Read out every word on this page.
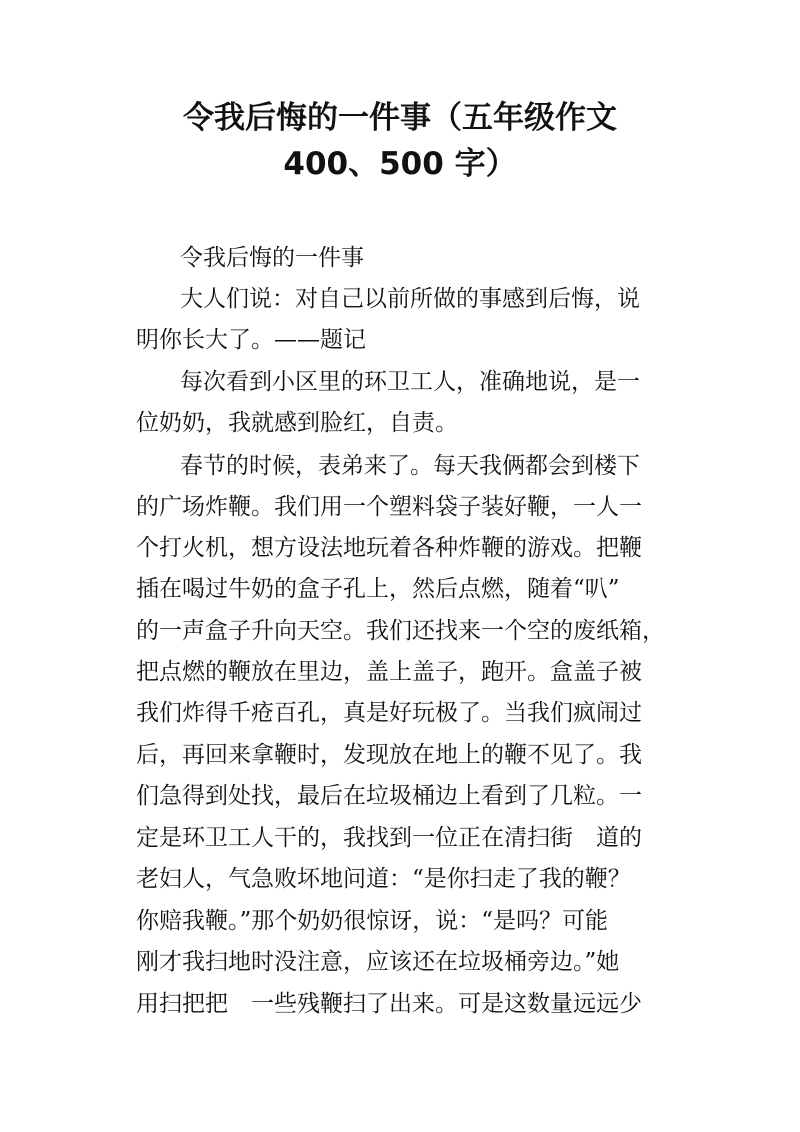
令我后悔的一件事（五年级作文
400、500 字）

令我后悔的一件事

大人们说：对自己以前所做的事感到后悔，说

明你长大了。——题记

每次看到小区里的环卫工人，准确地说，是一

位奶奶，我就感到脸红，自责。

春节的时候，表弟来了。每天我俩都会到楼下

的广场炸鞭。我们用一个塑料袋子装好鞭，一人一

个打火机，想方设法地玩着各种炸鞭的游戏。把鞭

插在喝过牛奶的盒子孔上，然后点燃，随着“叭”

的一声盒子升向天空。我们还找来一个空的废纸箱，

把点燃的鞭放在里边，盖上盖子，跑开。盒盖子被

我们炸得千疮百孔，真是好玩极了。当我们疯闹过

后，再回来拿鞭时，发现放在地上的鞭不见了。我

们急得到处找，最后在垃圾桶边上看到了几粒。一

定是环卫工人干的，我找到一位正在清扫街　道的

老妇人，气急败坏地问道：“是你扫走了我的鞭？

你赔我鞭。”那个奶奶很惊讶，说：“是吗？可能

刚才我扫地时没注意，应该还在垃圾桶旁边。”她

用扫把把　一些残鞭扫了出来。可是这数量远远少
